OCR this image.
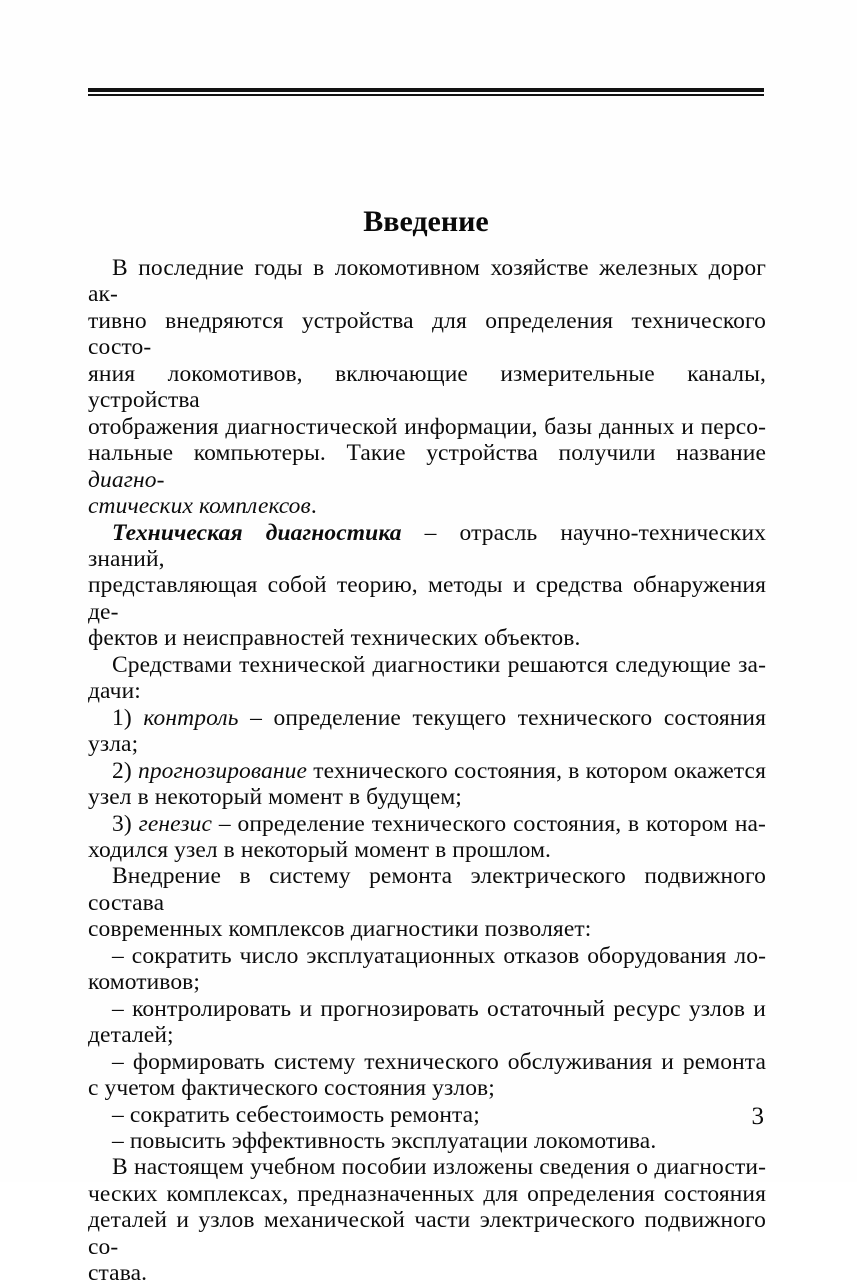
Введение
В последние годы в локомотивном хозяйстве железных дорог ак-
тивно внедряются устройства для определения технического состо-
яния локомотивов, включающие измерительные каналы, устройства
отображения диагностической информации, базы данных и персо-
нальные компьютеры. Такие устройства получили название диагно-
стических комплексов.
Техническая диагностика – отрасль научно-технических знаний,
представляющая собой теорию, методы и средства обнаружения де-
фектов и неисправностей технических объектов.
Средствами технической диагностики решаются следующие за-
дачи:
1) контроль – определение текущего технического состояния узла;
2) прогнозирование технического состояния, в котором окажется
узел в некоторый момент в будущем;
3) генезис – определение технического состояния, в котором на-
ходился узел в некоторый момент в прошлом.
Внедрение в систему ремонта электрического подвижного состава
современных комплексов диагностики позволяет:
– сократить число эксплуатационных отказов оборудования ло-
комотивов;
– контролировать и прогнозировать остаточный ресурс узлов и
деталей;
– формировать систему технического обслуживания и ремонта
с учетом фактического состояния узлов;
– сократить себестоимость ремонта;
– повысить эффективность эксплуатации локомотива.
В настоящем учебном пособии изложены сведения о диагности-
ческих комплексах, предназначенных для определения состояния
деталей и узлов механической части электрического подвижного со-
става.
3
